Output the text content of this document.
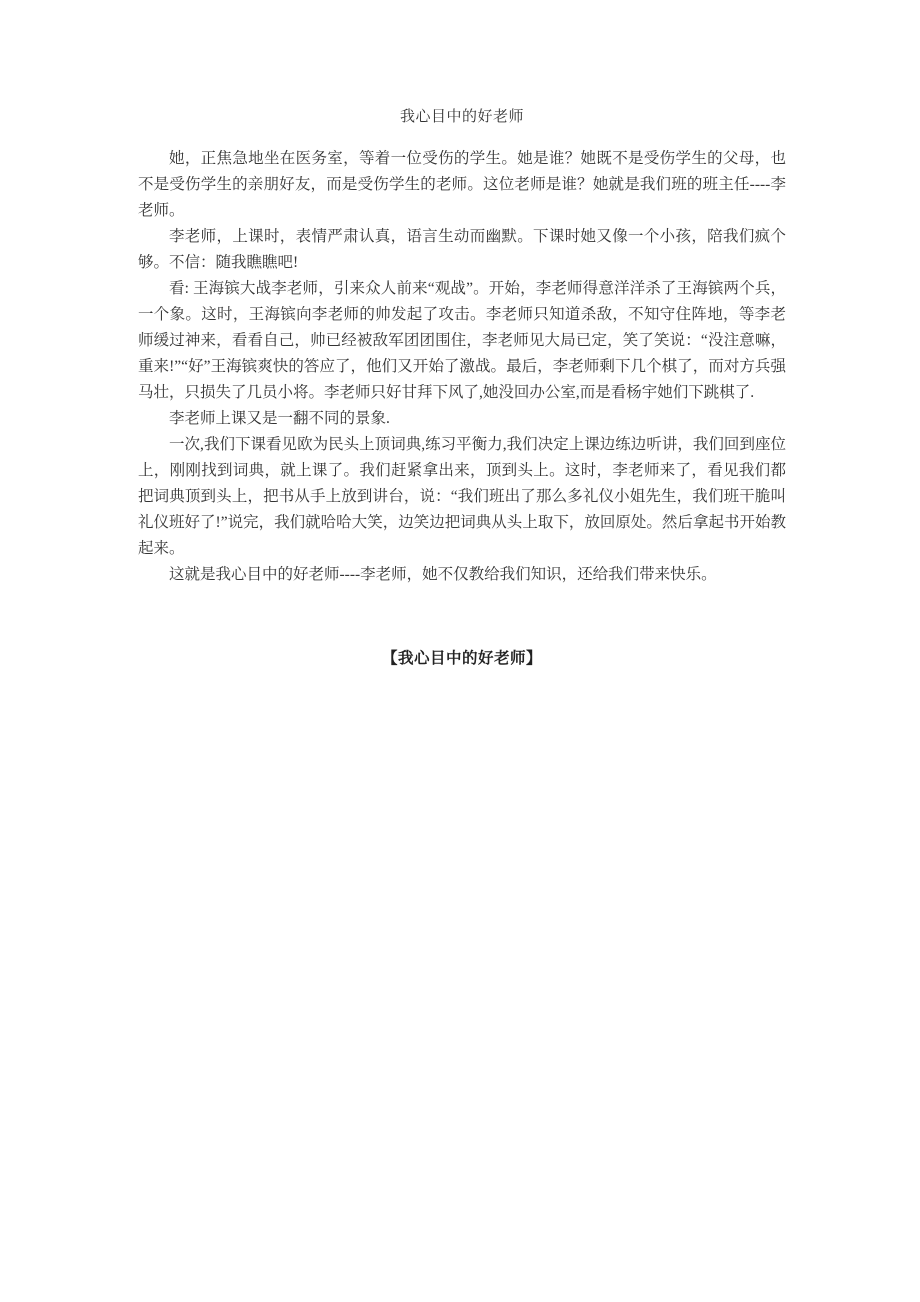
我心目中的好老师

她，正焦急地坐在医务室，等着一位受伤的学生。她是谁？她既不是受伤学生的父母，也不是受伤学生的亲朋好友，而是受伤学生的老师。这位老师是谁？她就是我们班的班主任----李老师。

李老师，上课时，表情严肃认真，语言生动而幽默。下课时她又像一个小孩，陪我们疯个够。不信：随我瞧瞧吧!

看: 王海镔大战李老师，引来众人前来“观战”。开始，李老师得意洋洋杀了王海镔两个兵，一个象。这时，王海镔向李老师的帅发起了攻击。李老师只知道杀敌，不知守住阵地，等李老师缓过神来，看看自己，帅已经被敌军团团围住，李老师见大局已定，笑了笑说：“没注意嘛，重来!”“好”王海镔爽快的答应了，他们又开始了激战。最后，李老师剩下几个棋了，而对方兵强马壮，只损失了几员小将。李老师只好甘拜下风了,她没回办公室,而是看杨宇她们下跳棋了.

李老师上课又是一翻不同的景象.

一次,我们下课看见欧为民头上顶词典,练习平衡力,我们决定上课边练边听讲，我们回到座位上，刚刚找到词典，就上课了。我们赶紧拿出来，顶到头上。这时，李老师来了，看见我们都把词典顶到头上，把书从手上放到讲台，说：“我们班出了那么多礼仪小姐先生，我们班干脆叫礼仪班好了!”说完，我们就哈哈大笑，边笑边把词典从头上取下，放回原处。然后拿起书开始教起来。

这就是我心目中的好老师----李老师，她不仅教给我们知识，还给我们带来快乐。

【我心目中的好老师】
